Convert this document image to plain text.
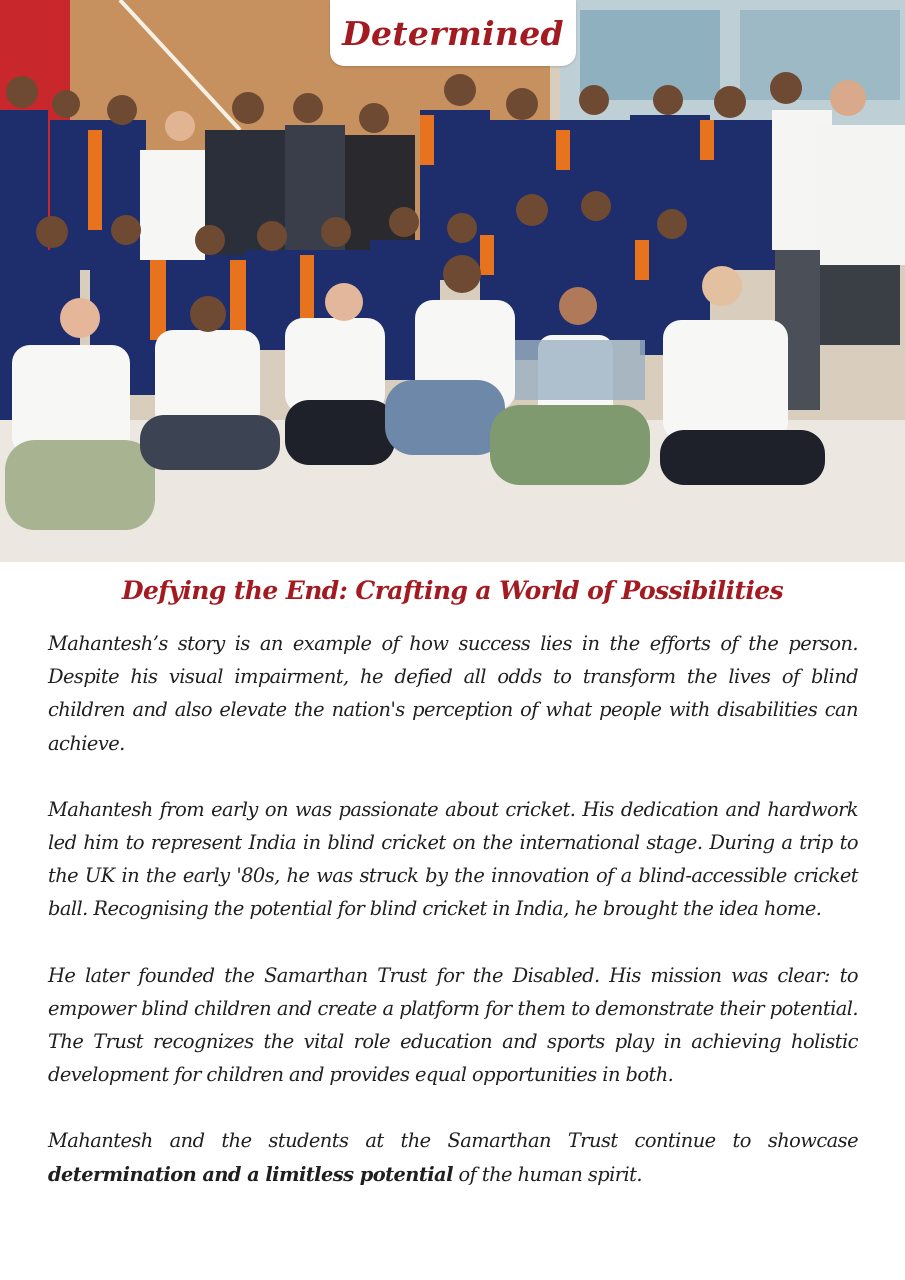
Determined
Defying the End: Crafting a World of Possibilities

Mahantesh’s story is an example of how success lies in the efforts of the person. Despite his visual impairment, he defied all odds to transform the lives of blind children and also elevate the nation's perception of what people with disabilities can achieve.

Mahantesh from early on was passionate about cricket. His dedication and hardwork led him to represent India in blind cricket on the international stage. During a trip to the UK in the early '80s, he was struck by the innovation of a blind-accessible cricket ball. Recognising the potential for blind cricket in India, he brought the idea home.

He later founded the Samarthan Trust for the Disabled. His mission was clear: to empower blind children and create a platform for them to demonstrate their potential. The Trust recognizes the vital role education and sports play in achieving holistic development for children and provides equal opportunities in both.

Mahantesh and the students at the Samarthan Trust continue to showcase determination and a limitless potential of the human spirit.
